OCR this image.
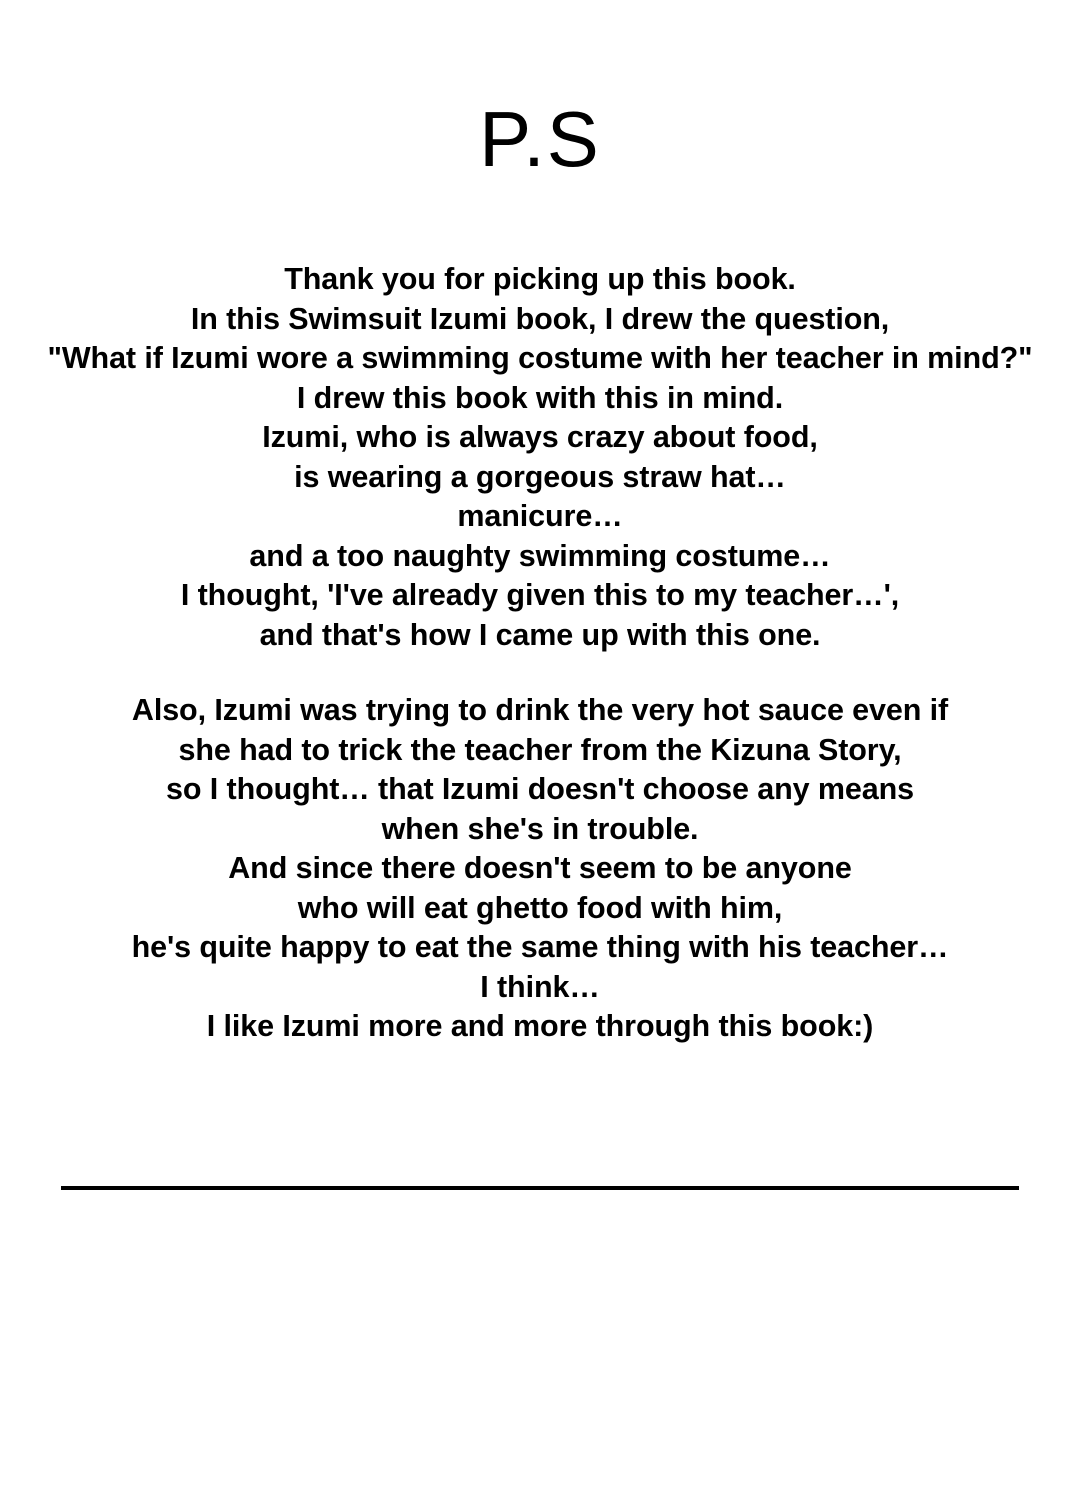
P.S
Thank you for picking up this book.
In this Swimsuit Izumi book, I drew the question,
"What if Izumi wore a swimming costume with her teacher in mind?"
I drew this book with this in mind.
Izumi, who is always crazy about food,
is wearing a gorgeous straw hat…
manicure…
and a too naughty swimming costume…
I thought, 'I've already given this to my teacher…',
and that's how I came up with this one.
Also, Izumi was trying to drink the very hot sauce even if
she had to trick the teacher from the Kizuna Story,
so I thought… that Izumi doesn't choose any means
when she's in trouble.
And since there doesn't seem to be anyone
who will eat ghetto food with him,
he's quite happy to eat the same thing with his teacher…
I think…
I like Izumi more and more through this book:)
